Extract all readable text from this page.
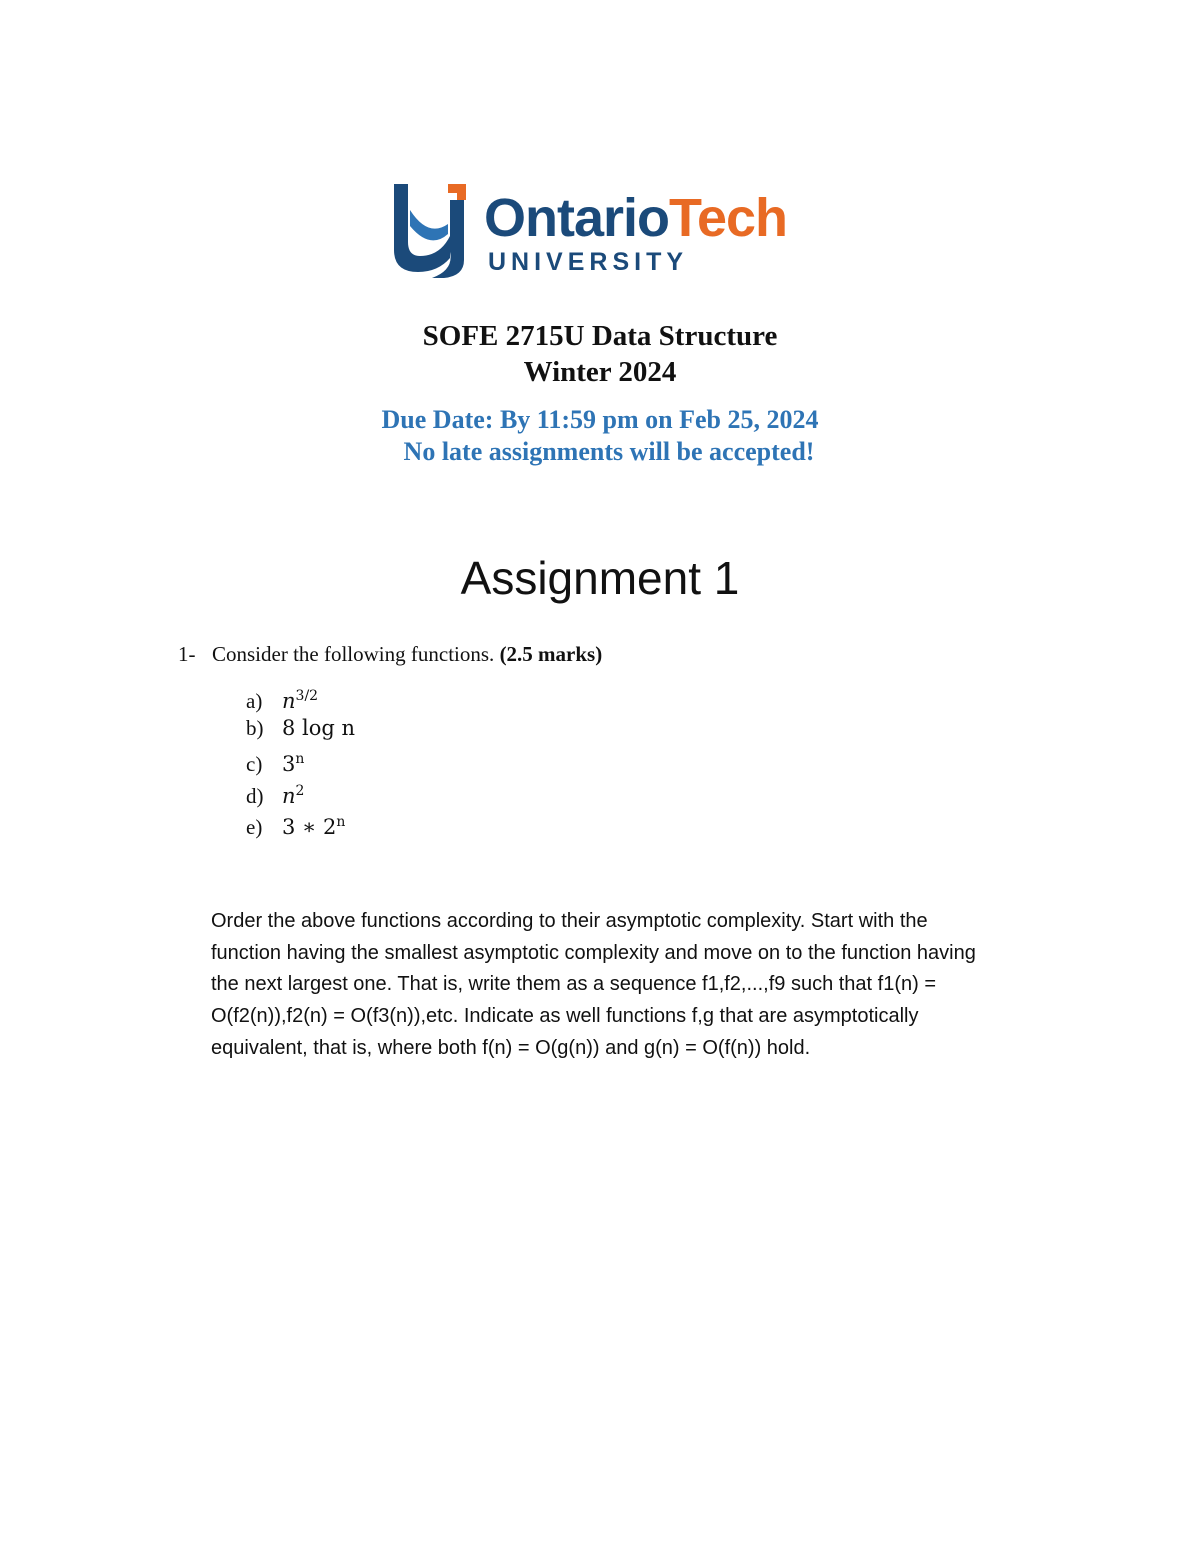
OntarioTech
UNIVERSITY
SOFE 2715U Data Structure
Winter 2024
Due Date: By 11:59 pm on Feb 25, 2024
No late assignments will be accepted!
Assignment 1
1- Consider the following functions. (2.5 marks)
a) $n^{3/2}$
b) 8 log n
c) 3$^n$
d) $n^2$
e) 3 ∗ 2$^n$
Order the above functions according to their asymptotic complexity. Start with the
function having the smallest asymptotic complexity and move on to the function having
the next largest one. That is, write them as a sequence f1,f2,...,f9 such that f1(n) =
O(f2(n)),f2(n) = O(f3(n)),etc. Indicate as well functions f,g that are asymptotically
equivalent, that is, where both f(n) = O(g(n)) and g(n) = O(f(n)) hold.
